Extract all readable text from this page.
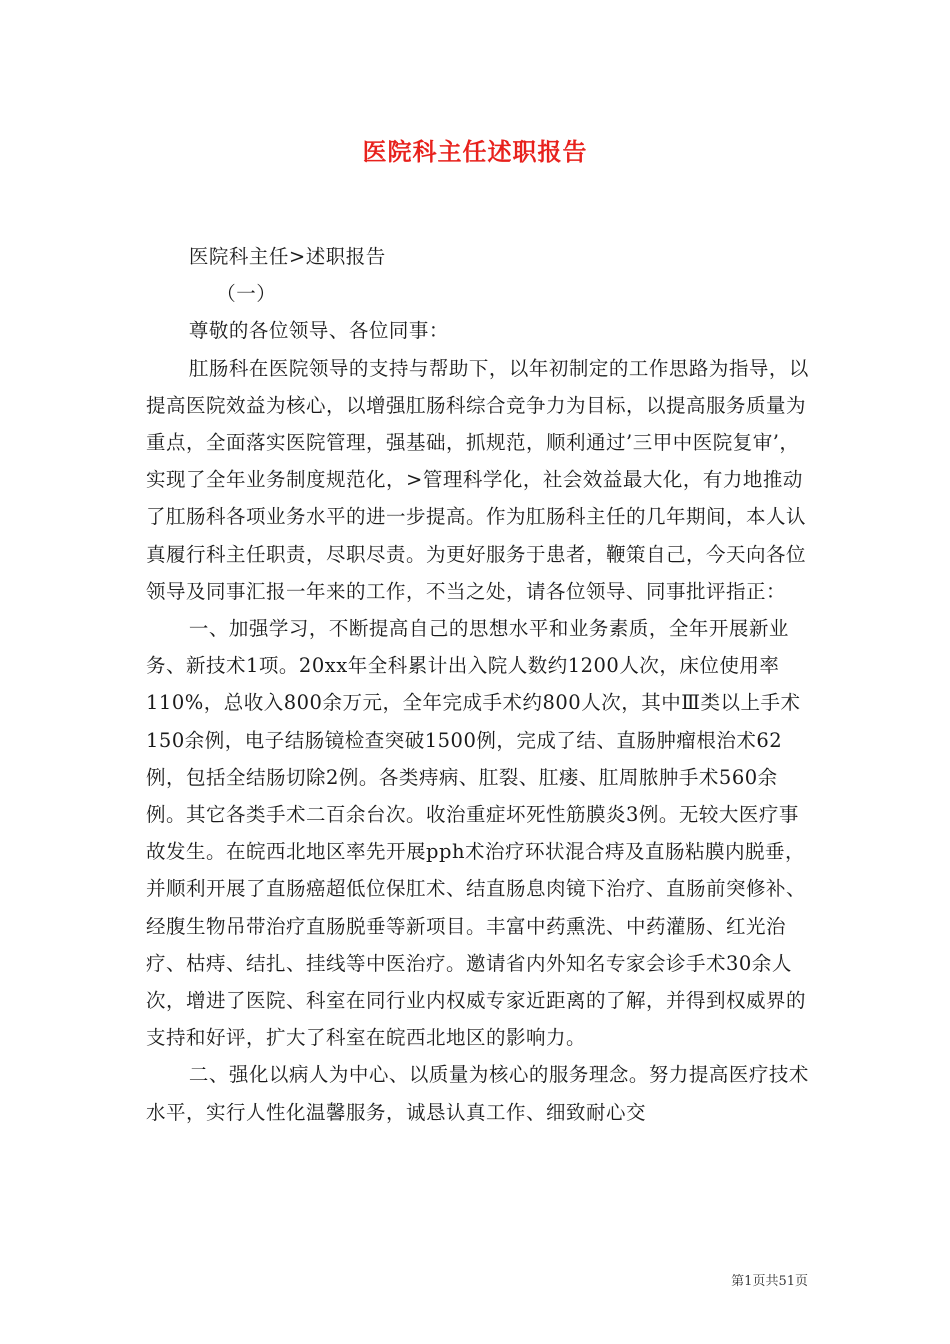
医院科主任述职报告

医院科主任>述职报告

（一）

尊敬的各位领导、各位同事：

肛肠科在医院领导的支持与帮助下，以年初制定的工作思路为指导，以提高医院效益为核心，以增强肛肠科综合竞争力为目标，以提高服务质量为重点，全面落实医院管理，强基础，抓规范，顺利通过’三甲中医院复审’，实现了全年业务制度规范化，>管理科学化，社会效益最大化，有力地推动了肛肠科各项业务水平的进一步提高。作为肛肠科主任的几年期间，本人认真履行科主任职责，尽职尽责。为更好服务于患者，鞭策自己，今天向各位领导及同事汇报一年来的工作，不当之处，请各位领导、同事批评指正：

一、加强学习，不断提高自己的思想水平和业务素质，全年开展新业务、新技术1项。20xx年全科累计出入院人数约1200人次，床位使用率110%，总收入800余万元，全年完成手术约800人次，其中Ⅲ类以上手术150余例，电子结肠镜检查突破1500例，完成了结、直肠肿瘤根治术62例，包括全结肠切除2例。各类痔病、肛裂、肛瘘、肛周脓肿手术560余例。其它各类手术二百余台次。收治重症坏死性筋膜炎3例。无较大医疗事故发生。在皖西北地区率先开展pph术治疗环状混合痔及直肠粘膜内脱垂，并顺利开展了直肠癌超低位保肛术、结直肠息肉镜下治疗、直肠前突修补、经腹生物吊带治疗直肠脱垂等新项目。丰富中药熏洗、中药灌肠、红光治疗、枯痔、结扎、挂线等中医治疗。邀请省内外知名专家会诊手术30余人次，增进了医院、科室在同行业内权威专家近距离的了解，并得到权威界的支持和好评，扩大了科室在皖西北地区的影响力。

二、强化以病人为中心、以质量为核心的服务理念。努力提高医疗技术水平，实行人性化温馨服务，诚恳认真工作、细致耐心交

第1页共51页
